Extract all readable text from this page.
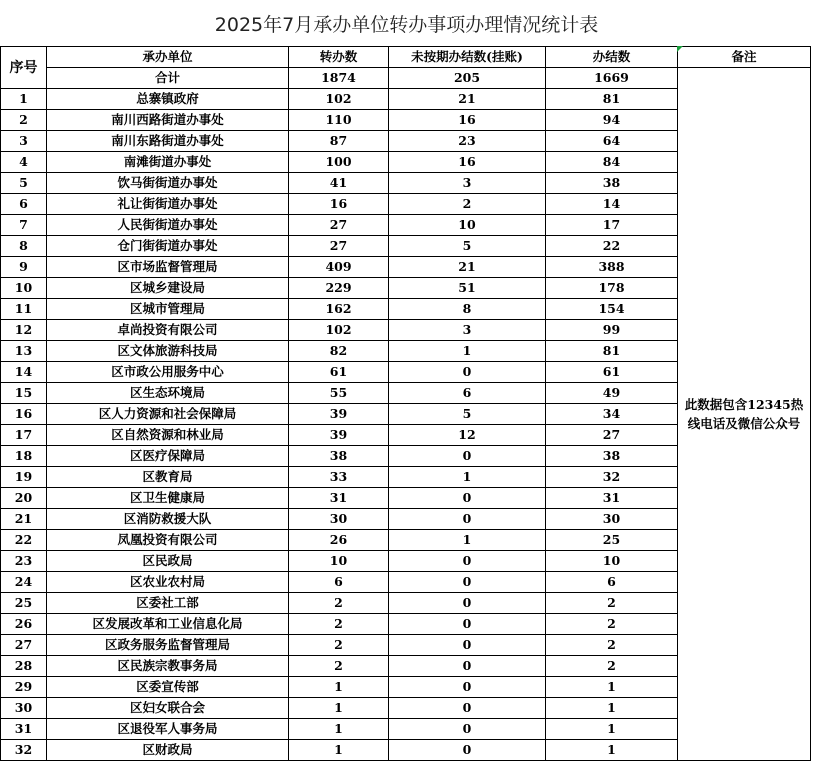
2025年7月承办单位转办事项办理情况统计表
序号	承办单位	转办数	未按期办结数(挂账)	办结数	备注
	合计	1874	205	1669	此数据包含12345热线电话及微信公众号
1	总寨镇政府	102	21	81	
2	南川西路街道办事处	110	16	94	
3	南川东路街道办事处	87	23	64	
4	南滩街道办事处	100	16	84	
5	饮马街街道办事处	41	3	38	
6	礼让街街道办事处	16	2	14	
7	人民街街道办事处	27	10	17	
8	仓门街街道办事处	27	5	22	
9	区市场监督管理局	409	21	388	
10	区城乡建设局	229	51	178	
11	区城市管理局	162	8	154	
12	卓尚投资有限公司	102	3	99	
13	区文体旅游科技局	82	1	81	
14	区市政公用服务中心	61	0	61	
15	区生态环境局	55	6	49	
16	区人力资源和社会保障局	39	5	34	
17	区自然资源和林业局	39	12	27	
18	区医疗保障局	38	0	38	
19	区教育局	33	1	32	
20	区卫生健康局	31	0	31	
21	区消防救援大队	30	0	30	
22	凤凰投资有限公司	26	1	25	
23	区民政局	10	0	10	
24	区农业农村局	6	0	6	
25	区委社工部	2	0	2	
26	区发展改革和工业信息化局	2	0	2	
27	区政务服务监督管理局	2	0	2	
28	区民族宗教事务局	2	0	2	
29	区委宣传部	1	0	1	
30	区妇女联合会	1	0	1	
31	区退役军人事务局	1	0	1	
32	区财政局	1	0	1	
